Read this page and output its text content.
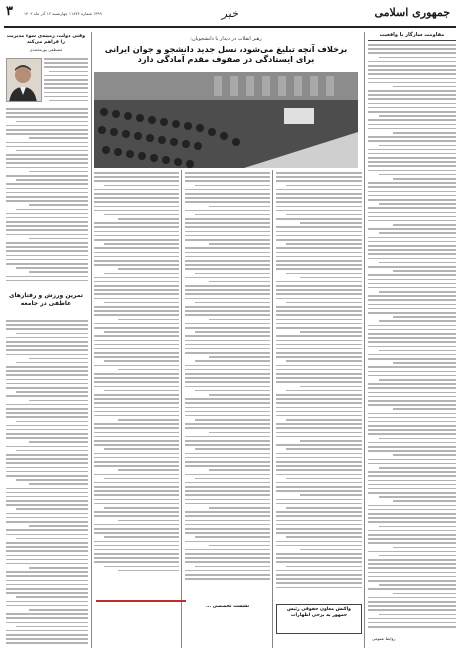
جمهوری اسلامی
خبر
۱۳۹۹ شماره ۱۱۸۷۴ چهارشنبه ۱۲ آذر ماه ۱۴۰۲
۳
مقاومت سازگار با واقعیت
رهبر انقلاب در دیدار با دانشجویان:
برخلاف آنچه تبلیغ می‌شود، نسل جدید دانشجو و جوان ایرانی
برای ایستادگی در صفوف مقدم آمادگی دارد
وقتی دولت، زمینه‌ی سوء مدیریت را فراهم می‌کند
مصطفی پورمحمدی
تمرین ورزش و رفتارهای عاطفی در جامعه
واکنش معاون حقوقی رئیس جمهور به برخی اظهارات
نشست تخصصی ...
روابط عمومی
